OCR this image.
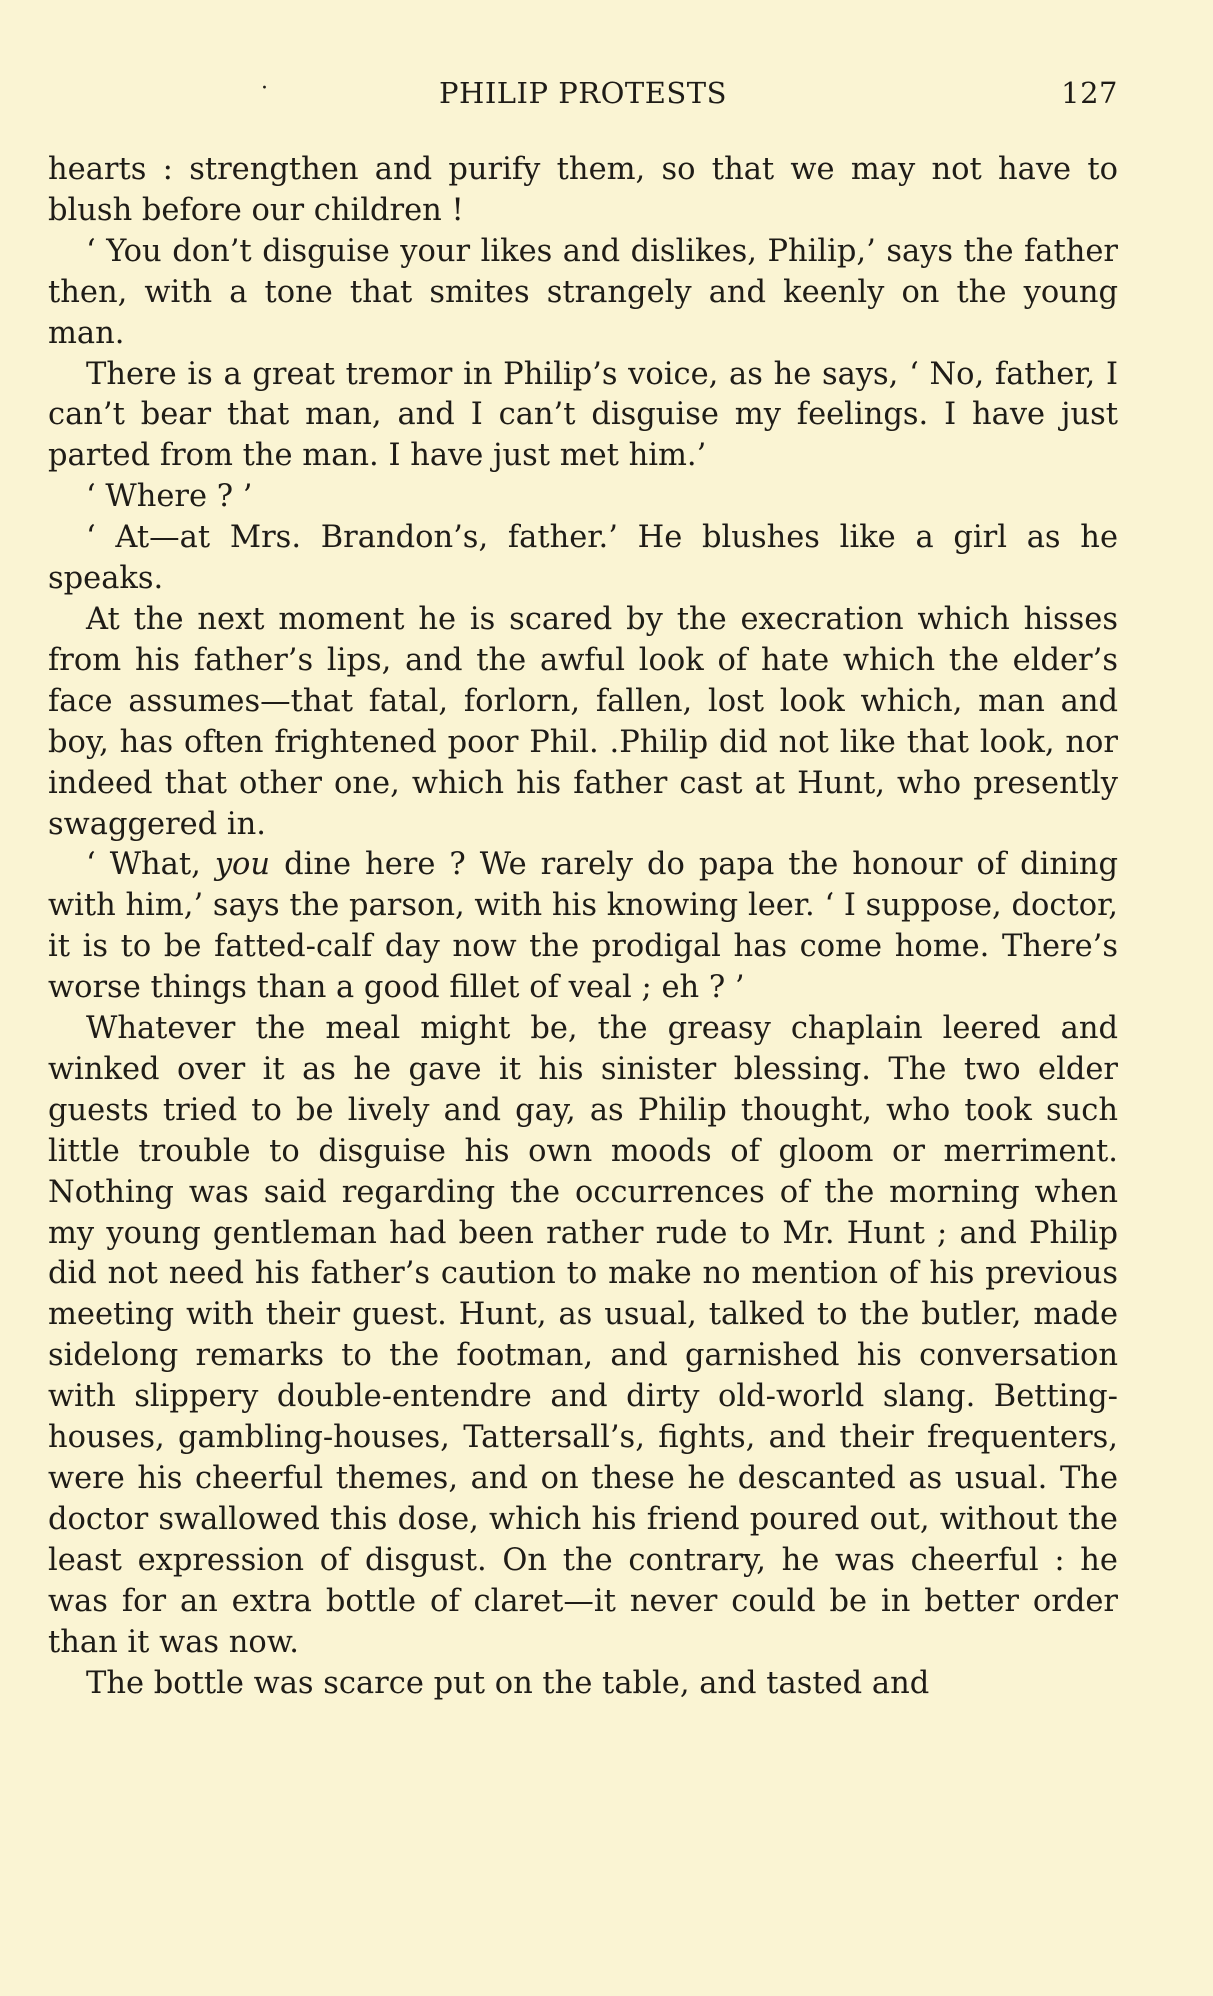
·	PHILIP PROTESTS	127

hearts : strengthen and purify them, so that we may not have to blush before our children !

‘ You don’t disguise your likes and dislikes, Philip,’ says the father then, with a tone that smites strangely and keenly on the young man.

There is a great tremor in Philip’s voice, as he says, ‘ No, father, I can’t bear that man, and I can’t disguise my feelings. I have just parted from the man. I have just met him.’

‘ Where ? ’

‘ At—at Mrs. Brandon’s, father.’ He blushes like a girl as he speaks.

At the next moment he is scared by the execration which hisses from his father’s lips, and the awful look of hate which the elder’s face assumes—that fatal, forlorn, fallen, lost look which, man and boy, has often frightened poor Phil. .Philip did not like that look, nor indeed that other one, which his father cast at Hunt, who presently swaggered in.

‘ What, you dine here ? We rarely do papa the honour of dining with him,’ says the parson, with his knowing leer. ‘ I suppose, doctor, it is to be fatted-calf day now the prodigal has come home. There’s worse things than a good fillet of veal ; eh ? ’

Whatever the meal might be, the greasy chaplain leered and winked over it as he gave it his sinister blessing. The two elder guests tried to be lively and gay, as Philip thought, who took such little trouble to disguise his own moods of gloom or merriment. Nothing was said regarding the occurrences of the morning when my young gentleman had been rather rude to Mr. Hunt ; and Philip did not need his father’s caution to make no mention of his previous meeting with their guest. Hunt, as usual, talked to the butler, made sidelong remarks to the footman, and garnished his conversation with slippery double-entendre and dirty old-world slang. Betting-houses, gambling-houses, Tattersall’s, fights, and their frequenters, were his cheerful themes, and on these he descanted as usual. The doctor swallowed this dose, which his friend poured out, without the least expression of disgust. On the contrary, he was cheerful : he was for an extra bottle of claret—it never could be in better order than it was now.

The bottle was scarce put on the table, and tasted and
